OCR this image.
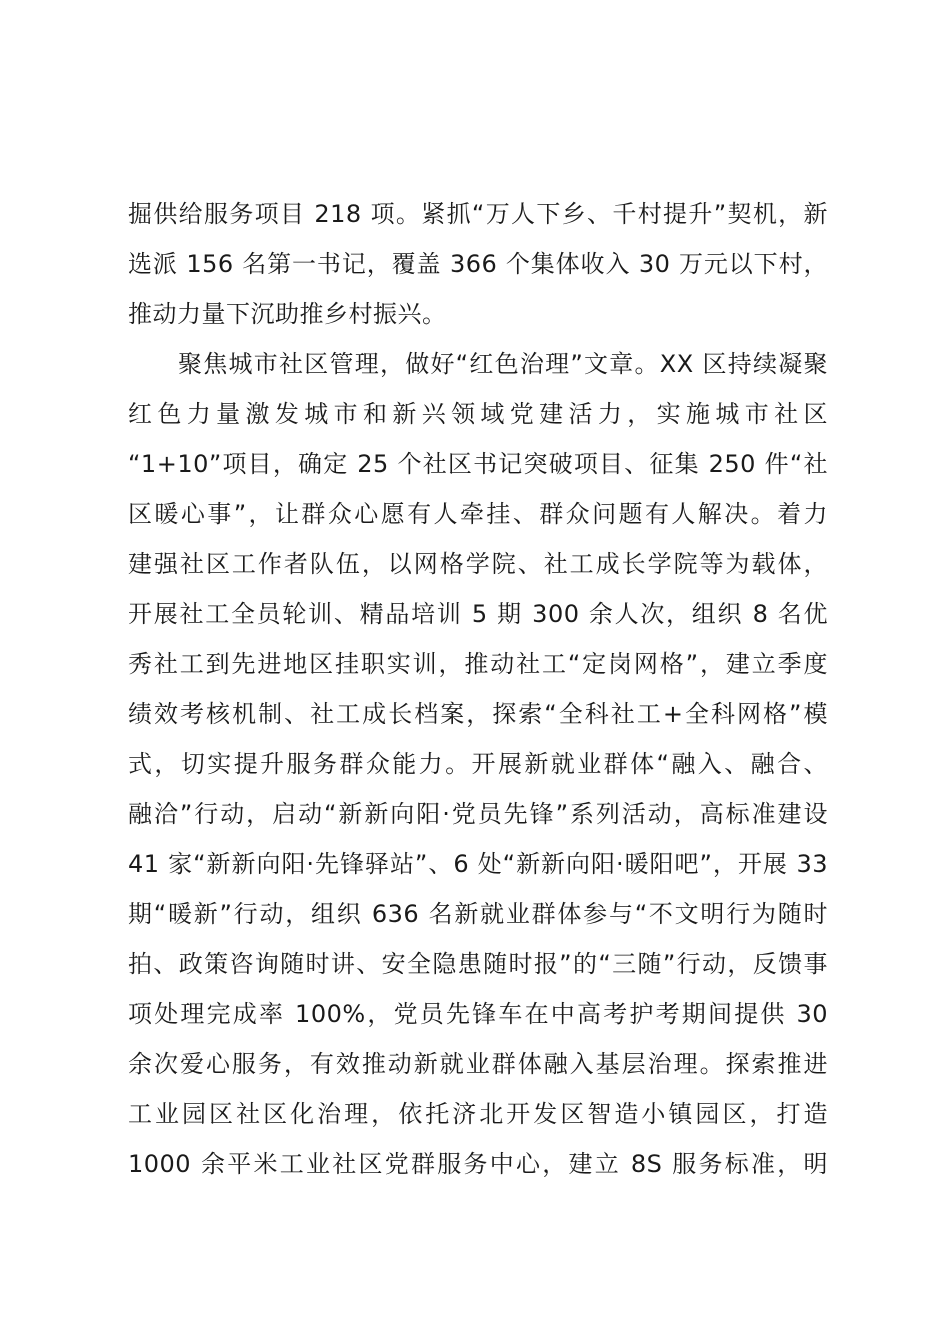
掘供给服务项目 218 项。紧抓“万人下乡、千村提升”契机，新
选派 156 名第一书记，覆盖 366 个集体收入 30 万元以下村，
推动力量下沉助推乡村振兴。
聚焦城市社区管理，做好“红色治理”文章。XX 区持续凝聚
红色力量激发城市和新兴领域党建活力，实施城市社区
“1+10”项目，确定 25 个社区书记突破项目、征集 250 件“社
区暖心事”，让群众心愿有人牵挂、群众问题有人解决。着力
建强社区工作者队伍，以网格学院、社工成长学院等为载体，
开展社工全员轮训、精品培训 5 期 300 余人次，组织 8 名优
秀社工到先进地区挂职实训，推动社工“定岗网格”，建立季度
绩效考核机制、社工成长档案，探索“全科社工+全科网格”模
式，切实提升服务群众能力。开展新就业群体“融入、融合、
融洽”行动，启动“新新向阳·党员先锋”系列活动，高标准建设
41 家“新新向阳·先锋驿站”、6 处“新新向阳·暖阳吧”，开展 33
期“暖新”行动，组织 636 名新就业群体参与“不文明行为随时
拍、政策咨询随时讲、安全隐患随时报”的“三随”行动，反馈事
项处理完成率 100%，党员先锋车在中高考护考期间提供 30
余次爱心服务，有效推动新就业群体融入基层治理。探索推进
工业园区社区化治理，依托济北开发区智造小镇园区，打造
1000 余平米工业社区党群服务中心，建立 8S 服务标准，明
